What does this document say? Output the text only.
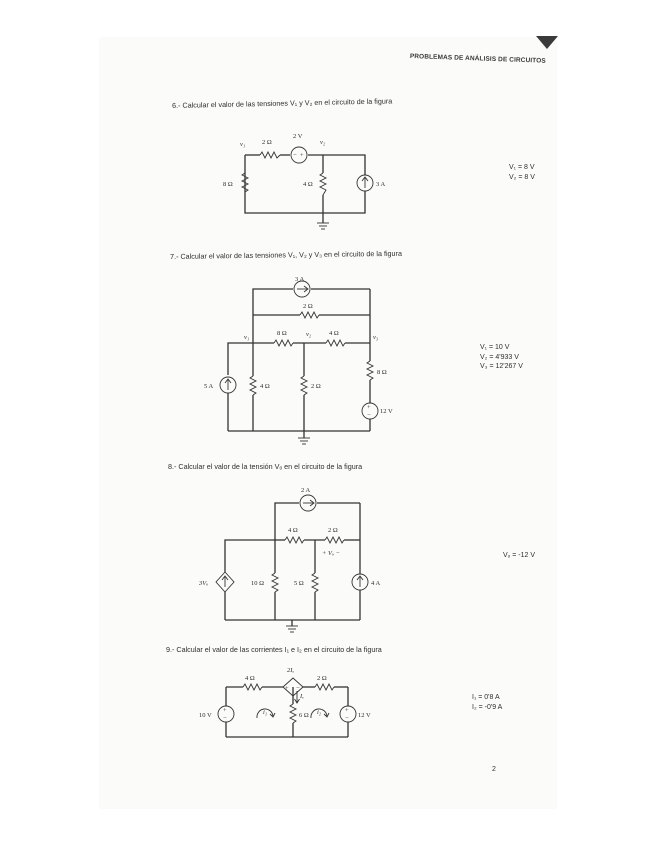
PROBLEMAS DE ANÁLISIS DE CIRCUITOS
6.- Calcular el valor de las tensiones V₁ y V₂ en el circuito de la figura
V₁ = 8 V
V₂ = 8 V
− +
v₁	v₂
2 Ω
2 V
8 Ω	4 Ω	3 A
7.- Calcular el valor de las tensiones V₁, V₂ y V₃ en el circuito de la figura
V₁ = 10 V
V₂ = 4'933 V
V₃ = 12'267 V
+
−
3 A
2 Ω
v₁	v₂	v₃
8 Ω	4 Ω
5 A	4 Ω	2 Ω
8 Ω
12 V
8.- Calcular el valor de la tensión Vₒ en el circuito de la figura
Vₒ = -12 V
2 A
4 Ω	2 Ω
+ Vₒ −
3Vₒ	10 Ω	5 Ω	4 A
9.- Calcular el valor de las corrientes I₁ e I₂ en el circuito de la figura
I₁ = 0'8 A
I₂ = -0'9 A
+ −
+
−
+
−
2Iₓ
4 Ω	2 Ω
Iₓ
10 V	i₁	6 Ω i₂	12 V
2
